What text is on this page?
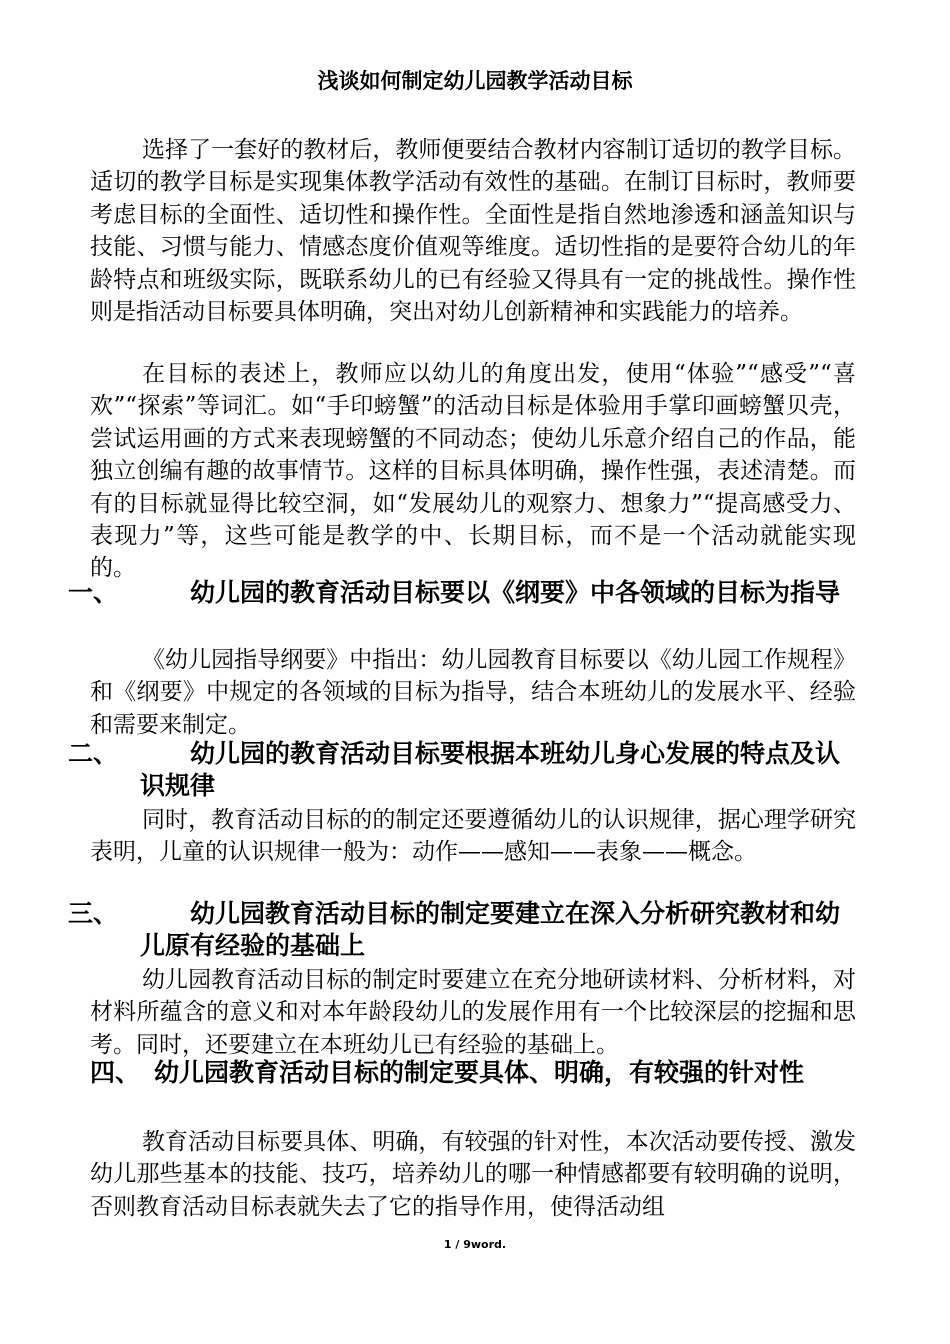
浅谈如何制定幼儿园教学活动目标

选择了一套好的教材后，教师便要结合教材内容制订适切的教学目标。适切的教学目标是实现集体教学活动有效性的基础。在制订目标时，教师要考虑目标的全面性、适切性和操作性。全面性是指自然地渗透和涵盖知识与技能、习惯与能力、情感态度价值观等维度。适切性指的是要符合幼儿的年龄特点和班级实际，既联系幼儿的已有经验又得具有一定的挑战性。操作性则是指活动目标要具体明确，突出对幼儿创新精神和实践能力的培养。

在目标的表述上，教师应以幼儿的角度出发，使用“体验”“感受”“喜欢”“探索”等词汇。如“手印螃蟹”的活动目标是体验用手掌印画螃蟹贝壳，尝试运用画的方式来表现螃蟹的不同动态；使幼儿乐意介绍自己的作品，能独立创编有趣的故事情节。这样的目标具体明确，操作性强，表述清楚。而有的目标就显得比较空洞，如“发展幼儿的观察力、想象力”“提高感受力、表现力”等，这些可能是教学的中、长期目标，而不是一个活动就能实现的。

一、	幼儿园的教育活动目标要以《纲要》中各领域的目标为指导

《幼儿园指导纲要》中指出：幼儿园教育目标要以《幼儿园工作规程》和《纲要》中规定的各领域的目标为指导，结合本班幼儿的发展水平、经验和需要来制定。

二、	幼儿园的教育活动目标要根据本班幼儿身心发展的特点及认识规律

同时，教育活动目标的的制定还要遵循幼儿的认识规律，据心理学研究表明，儿童的认识规律一般为：动作——感知——表象——概念。

三、	幼儿园教育活动目标的制定要建立在深入分析研究教材和幼儿原有经验的基础上

幼儿园教育活动目标的制定时要建立在充分地研读材料、分析材料，对材料所蕴含的意义和对本年龄段幼儿的发展作用有一个比较深层的挖掘和思考。同时，还要建立在本班幼儿已有经验的基础上。

四、 幼儿园教育活动目标的制定要具体、明确，有较强的针对性

教育活动目标要具体、明确，有较强的针对性，本次活动要传授、激发幼儿那些基本的技能、技巧，培养幼儿的哪一种情感都要有较明确的说明，否则教育活动目标表就失去了它的指导作用，使得活动组

1 / 9word.
